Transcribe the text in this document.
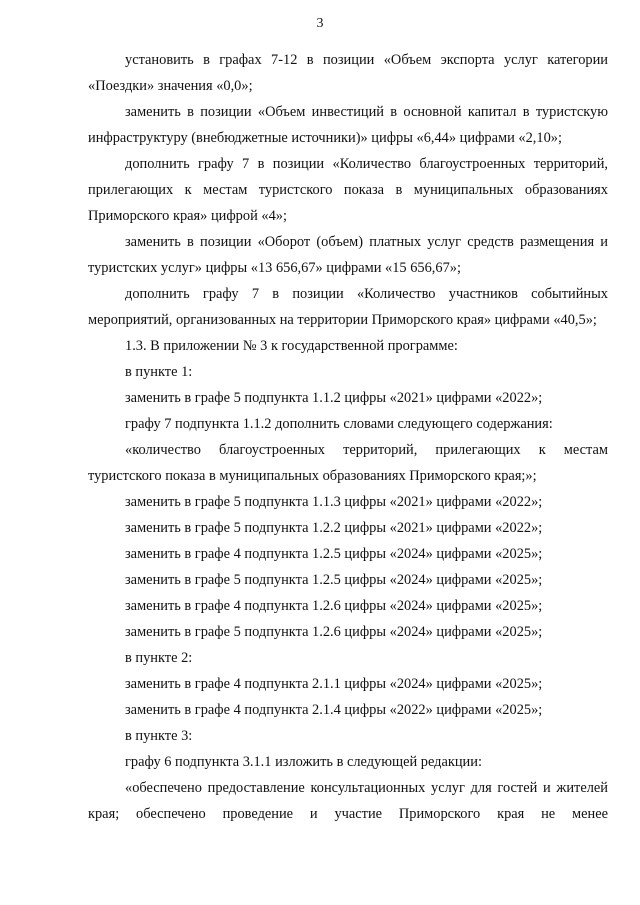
3

установить в графах 7-12 в позиции «Объем экспорта услуг категории «Поездки» значения «0,0»;

заменить в позиции «Объем инвестиций в основной капитал в туристскую инфраструктуру (внебюджетные источники)» цифры «6,44» цифрами «2,10»;

дополнить графу 7 в позиции «Количество благоустроенных территорий, прилегающих к местам туристского показа в муниципальных образованиях Приморского края» цифрой «4»;

заменить в позиции «Оборот (объем) платных услуг средств размещения и туристских услуг» цифры «13 656,67» цифрами «15 656,67»;

дополнить графу 7 в позиции «Количество участников событийных мероприятий, организованных на территории Приморского края» цифрами «40,5»;

1.3. В приложении № 3 к государственной программе:

в пункте 1:

заменить в графе 5 подпункта 1.1.2 цифры «2021» цифрами «2022»;

графу 7 подпункта 1.1.2 дополнить словами следующего содержания:

«количество благоустроенных территорий, прилегающих к местам туристского показа в муниципальных образованиях Приморского края;»;

заменить в графе 5 подпункта 1.1.3 цифры «2021» цифрами «2022»;

заменить в графе 5 подпункта 1.2.2 цифры «2021» цифрами «2022»;

заменить в графе 4 подпункта 1.2.5 цифры «2024» цифрами «2025»;

заменить в графе 5 подпункта 1.2.5 цифры «2024» цифрами «2025»;

заменить в графе 4 подпункта 1.2.6 цифры «2024» цифрами «2025»;

заменить в графе 5 подпункта 1.2.6 цифры «2024» цифрами «2025»;

в пункте 2:

заменить в графе 4 подпункта 2.1.1 цифры «2024» цифрами «2025»;

заменить в графе 4 подпункта 2.1.4 цифры «2022» цифрами «2025»;

в пункте 3:

графу 6 подпункта 3.1.1 изложить в следующей редакции:

«обеспечено предоставление консультационных услуг для гостей и жителей края; обеспечено проведение и участие Приморского края не менее
